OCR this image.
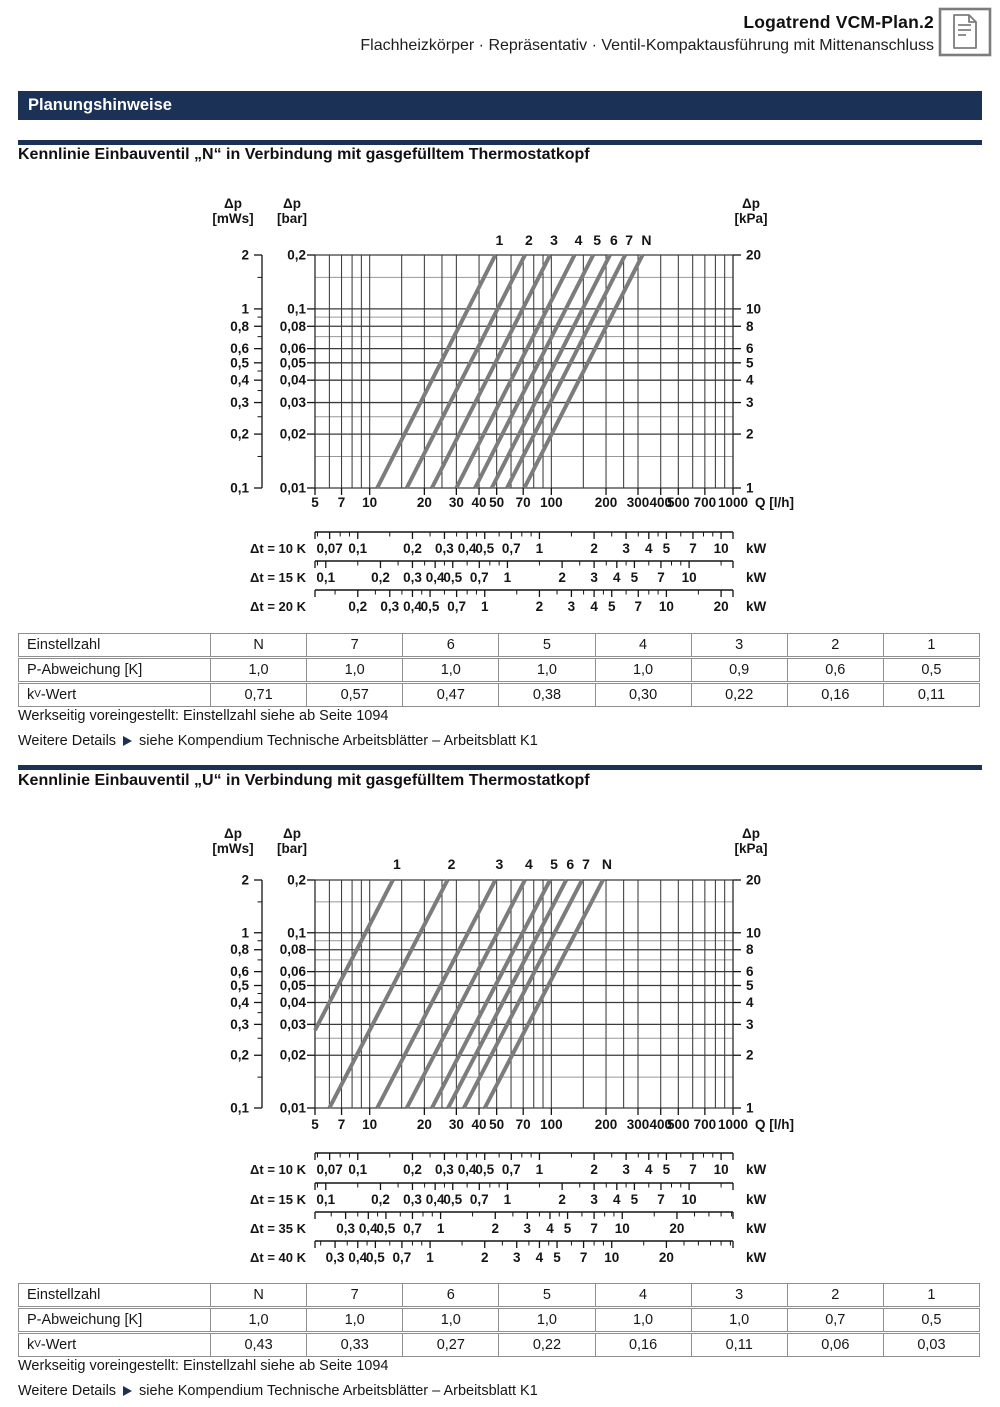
Logatrend VCM-Plan.2
Flachheizkörper · Repräsentativ · Ventil-Kompaktausführung mit Mittenanschluss
Planungshinweise
Kennlinie Einbauventil „N“ in Verbindung mit gasgefülltem Thermostatkopf
5 7 10	20 30 40 50 70 100 200 300 400
500 700 1000 Q [l/h]
0,2
0,1
0,08
0,06
0,05
0,04
0,03
0,02
0,01
2
1
0,8
0,6
0,5
0,4
0,3
0,2
0,1
20
10
8
6
5
4
3
2
1
Δp
[mWs]
Δp
[bar]
Δp
[kPa]
1 2 3 4 5 6 7 N
0,07 0,1	0,2 0,3 0,4
0,5 0,7 1	2 3 4 5 7 10
Δt = 10 K	kW
0,1	0,2 0,3 0,4
0,5 0,7 1	2 3 4 5 7 10
Δt = 15 K	kW
0,2 0,3 0,4
0,5 0,7 1	2 3 4 5 7 10	20
Δt = 20 K	kW
Einstellzahl	N	7	6	5	4	3	2	1
P-Abweichung [K]	1,0	1,0	1,0	1,0	1,0	0,9	0,6	0,5
k V -Wert	0,71	0,57	0,47	0,38	0,30	0,22	0,16	0,11
Werkseitig voreingestellt: Einstellzahl siehe ab Seite 1094
Weitere Details siehe Kompendium Technische Arbeitsblätter – Arbeitsblatt K1
Kennlinie Einbauventil „U“ in Verbindung mit gasgefülltem Thermostatkopf
5 7 10	20 30 40 50 70 100 200 300 400
500 700 1000 Q [l/h]
0,2
0,1
0,08
0,06
0,05
0,04
0,03
0,02
0,01
2
1
0,8
0,6
0,5
0,4
0,3
0,2
0,1
20
10
8
6
5
4
3
2
1
Δp
[mWs]
Δp
[bar]
Δp
[kPa]
1	2	3 4 5 6 7 N
0,07 0,1	0,2 0,3 0,4
0,5 0,7 1	2 3 4 5 7 10
Δt = 10 K	kW
0,1	0,2 0,3 0,4
0,5 0,7 1	2 3 4 5 7 10
Δt = 15 K	kW
0,3 0,4
0,5 0,7 1	2 3 4 5 7 10	20
Δt = 35 K	kW
0,3 0,4
0,5 0,7 1	2 3 4 5 7 10	20
Δt = 40 K	kW
Einstellzahl	N	7	6	5	4	3	2	1
P-Abweichung [K]	1,0	1,0	1,0	1,0	1,0	1,0	0,7	0,5
k V -Wert	0,43	0,33	0,27	0,22	0,16	0,11	0,06	0,03
Werkseitig voreingestellt: Einstellzahl siehe ab Seite 1094
Weitere Details siehe Kompendium Technische Arbeitsblätter – Arbeitsblatt K1
